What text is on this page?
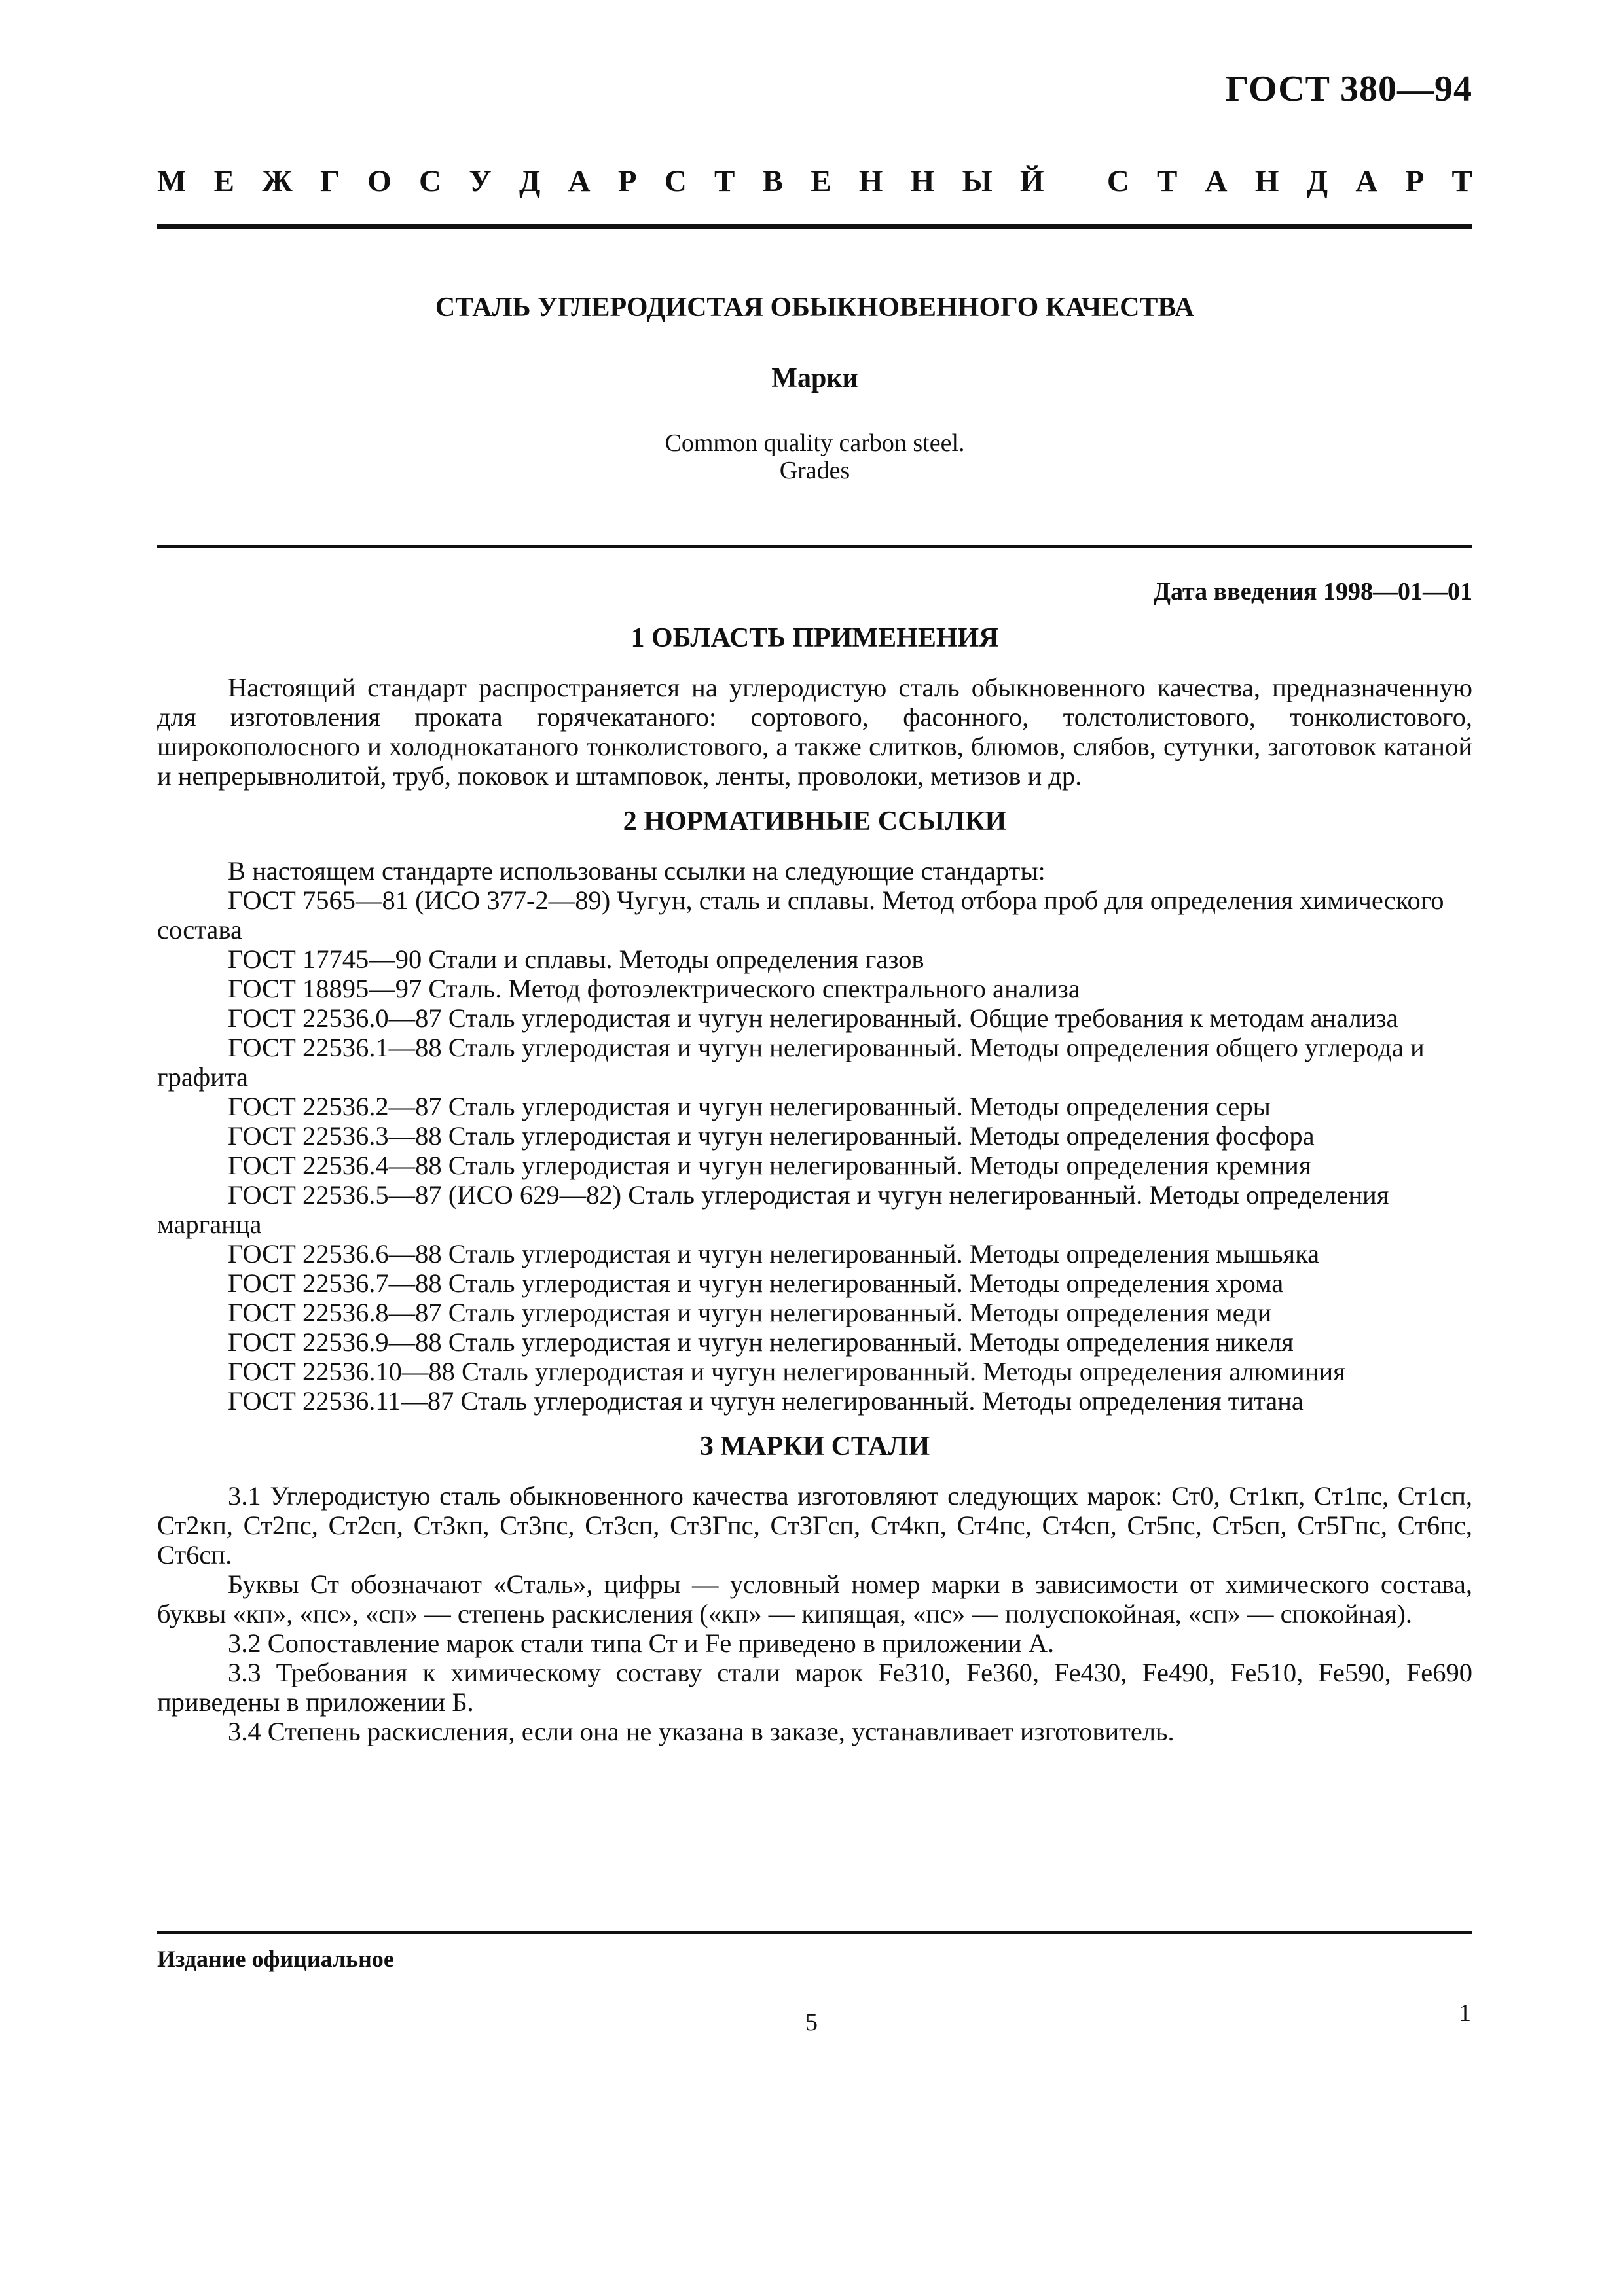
ГОСТ 380—94
М Е Ж Г О С У Д А Р С Т В Е Н Н Ы Й
С Т А Н Д А Р Т
СТАЛЬ УГЛЕРОДИСТАЯ ОБЫКНОВЕННОГО КАЧЕСТВА
Марки
Common quality carbon steel.
Grades
Дата введения 1998—01—01
1 ОБЛАСТЬ ПРИМЕНЕНИЯ

Настоящий стандарт распространяется на углеродистую сталь обыкновенного качества, предназначенную для изготовления проката горячекатаного: сортового, фасонного, толстолистового, тонколистового, широкополосного и холоднокатаного тонколистового, а также слитков, блюмов, слябов, сутунки, заготовок катаной и непрерывнолитой, труб, поковок и штамповок, ленты, проволоки, метизов и др.

2 НОРМАТИВНЫЕ ССЫЛКИ

В настоящем стандарте использованы ссылки на следующие стандарты:

ГОСТ 7565—81 (ИСО 377-2—89) Чугун, сталь и сплавы. Метод отбора проб для определения химического состава

ГОСТ 17745—90 Стали и сплавы. Методы определения газов

ГОСТ 18895—97 Сталь. Метод фотоэлектрического спектрального анализа

ГОСТ 22536.0—87 Сталь углеродистая и чугун нелегированный. Общие требования к методам анализа

ГОСТ 22536.1—88 Сталь углеродистая и чугун нелегированный. Методы определения общего углерода и графита

ГОСТ 22536.2—87 Сталь углеродистая и чугун нелегированный. Методы определения серы

ГОСТ 22536.3—88 Сталь углеродистая и чугун нелегированный. Методы определения фосфора

ГОСТ 22536.4—88 Сталь углеродистая и чугун нелегированный. Методы определения кремния

ГОСТ 22536.5—87 (ИСО 629—82) Сталь углеродистая и чугун нелегированный. Методы определения марганца

ГОСТ 22536.6—88 Сталь углеродистая и чугун нелегированный. Методы определения мышьяка

ГОСТ 22536.7—88 Сталь углеродистая и чугун нелегированный. Методы определения хрома

ГОСТ 22536.8—87 Сталь углеродистая и чугун нелегированный. Методы определения меди

ГОСТ 22536.9—88 Сталь углеродистая и чугун нелегированный. Методы определения никеля

ГОСТ 22536.10—88 Сталь углеродистая и чугун нелегированный. Методы определения алюминия

ГОСТ 22536.11—87 Сталь углеродистая и чугун нелегированный. Методы определения титана

3 МАРКИ СТАЛИ

3.1 Углеродистую сталь обыкновенного качества изготовляют следующих марок: Ст0, Ст1кп, Ст1пс, Ст1сп, Ст2кп, Ст2пс, Ст2сп, Ст3кп, Ст3пс, Ст3сп, Ст3Гпс, Ст3Гсп, Ст4кп, Ст4пс, Ст4сп, Ст5пс, Ст5сп, Ст5Гпс, Ст6пс, Ст6сп.

Буквы Ст обозначают «Сталь», цифры — условный номер марки в зависимости от химического состава, буквы «кп», «пс», «сп» — степень раскисления («кп» — кипящая, «пс» — полуспокойная, «сп» — спокойная).

3.2 Сопоставление марок стали типа Ст и Fe приведено в приложении А.

3.3 Требования к химическому составу стали марок Fe310, Fe360, Fe430, Fe490, Fe510, Fe590, Fe690 приведены в приложении Б.

3.4 Степень раскисления, если она не указана в заказе, устанавливает изготовитель.

Издание официальное
5	1
